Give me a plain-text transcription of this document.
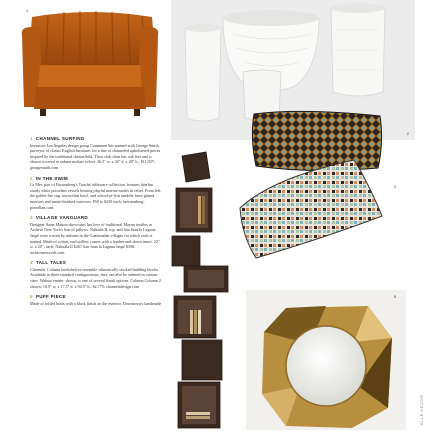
1
2
3
4
5
1 CHANNEL SURFING
Inventive Los Angeles design group Commune has teamed with George Smith, purveyor of classic English furniture, for a line of channeled upholstered pieces inspired by the traditional chesterfield. Their club chair has oak feet and is shown covered in auburn mohair velvet. 36.5" w. x 34" d. x 28" h.; $11,937; georgesmith.com
2 IN THE SWIM
La Mer, part of Fürstenberg's Touché tableware collection, features thin but sturdy white porcelain vessels bearing playful marine motifs in relief. From left, the goblet-lite cup, sea-urchin bowl, and school-of-fish tumbler have glazed interiors and matte-finished exteriors. $50 to $250 each; fuerstenberg-porzellan.com
3 VILLAGE VANGUARD
Designer Anna Marion showcases her love of traditional Mayan textiles in Archive New York's line of pillows. Nahuala II, top, and San Juan la Laguna Jaspé were woven by artisans in the Guatemalan villages for which each is named. Made of cotton, each pillow comes with a feather-and-down insert. 22" w. x 20"; each; Nahuala II $267 San Juan la Laguna Jaspé $398; archivenewyork.com
4 TALL TALES
Channels' Column bookshelves resemble whimsically stacked building blocks. Available in three standard configurations, they can also be ordered in custom sizes. Walnut veneer, shown, is one of several finish options. Column Column 2 shown: 18.9" w. x 17.5" d. x 94.9" h.; $2,775; channelsdesign.com
5 PUFF PIECE
Made of folded brass with a black finish on the exterior, Downtown's handmade
ELLE DECOR
